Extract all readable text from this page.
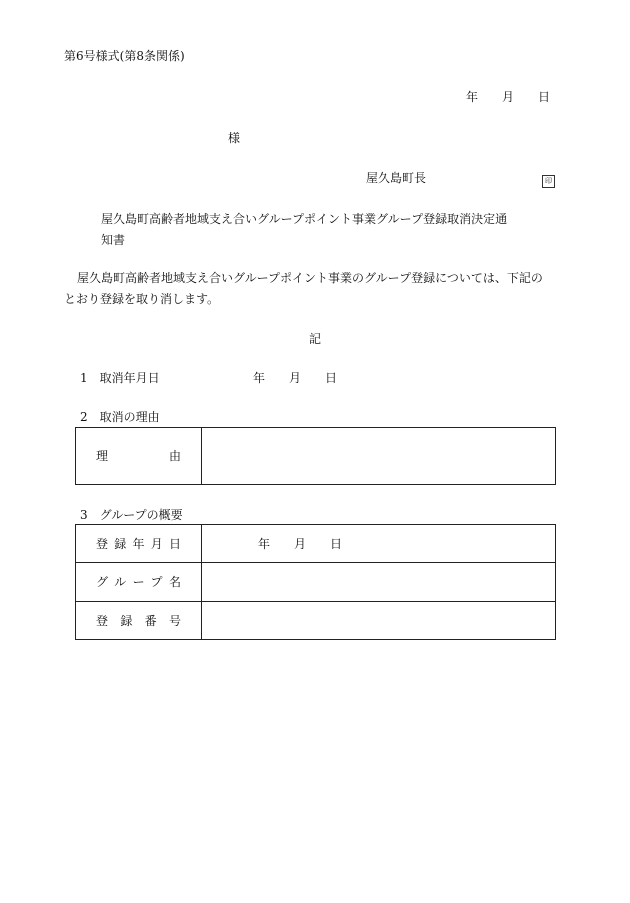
第6号様式(第8条関係)
年　　月　　日
様
屋久島町長	印
屋久島町高齢者地域支え合いグループポイント事業グループ登録取消決定通
知書
屋久島町高齢者地域支え合いグループポイント事業のグループ登録については、下記の
とおり登録を取り消します。
記
1　取消年月日	年　　月　　日
2　取消の理由
理由	
3　グループの概要
登録年月日	年　　月　　日
グループ名	
登録番号	
